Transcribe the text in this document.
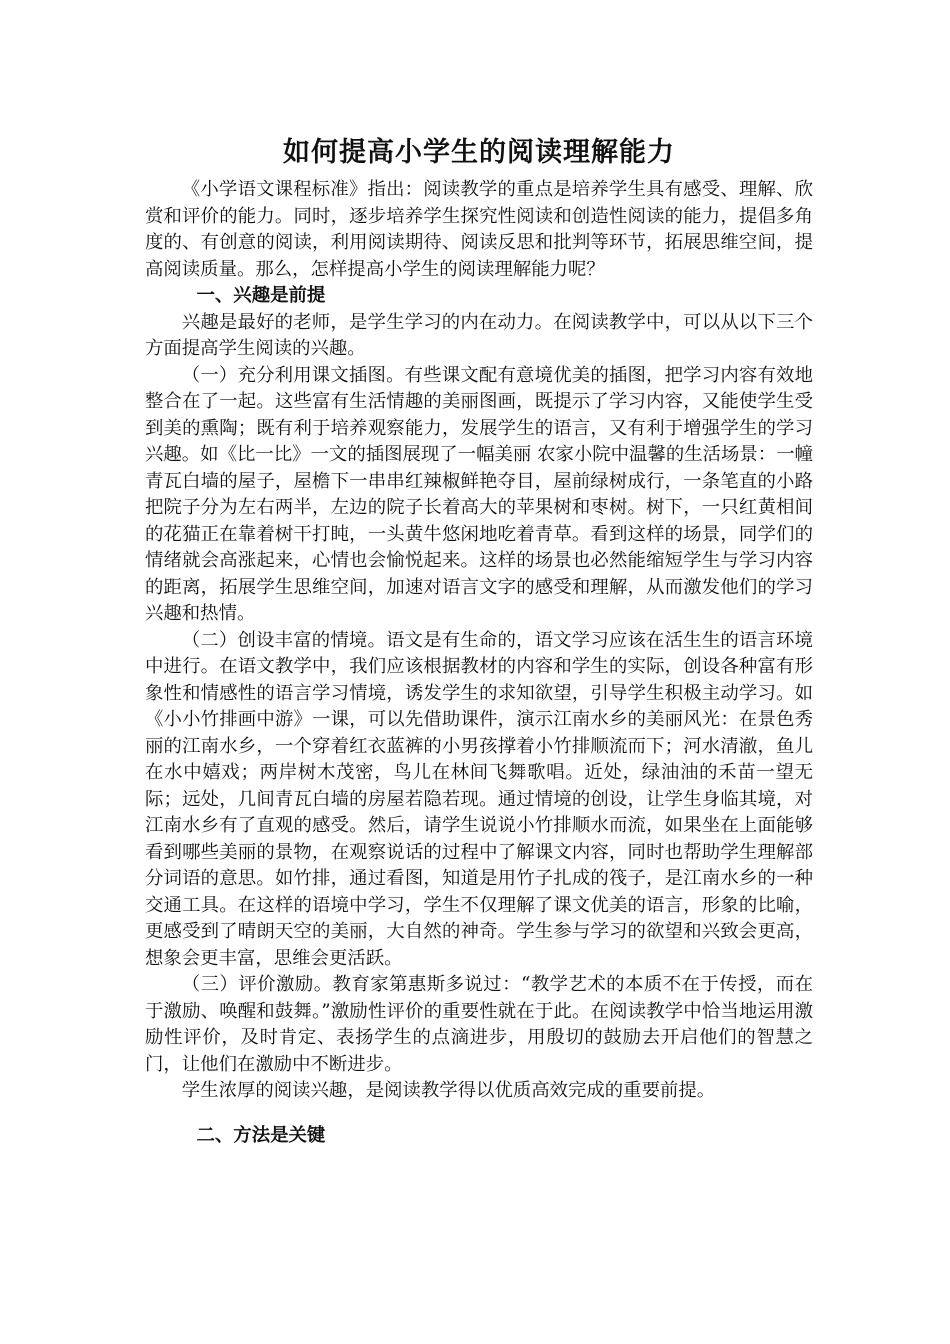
如何提高小学生的阅读理解能力

《小学语文课程标准》指出：阅读教学的重点是培养学生具有感受、理解、欣赏和评价的能力。同时，逐步培养学生探究性阅读和创造性阅读的能力，提倡多角度的、有创意的阅读，利用阅读期待、阅读反思和批判等环节，拓展思维空间，提高阅读质量。那么，怎样提高小学生的阅读理解能力呢？

一、兴趣是前提

兴趣是最好的老师，是学生学习的内在动力。在阅读教学中，可以从以下三个方面提高学生阅读的兴趣。

（一）充分利用课文插图。有些课文配有意境优美的插图，把学习内容有效地整合在了一起。这些富有生活情趣的美丽图画，既提示了学习内容，又能使学生受到美的熏陶；既有利于培养观察能力，发展学生的语言，又有利于增强学生的学习兴趣。如《比一比》一文的插图展现了一幅美丽 农家小院中温馨的生活场景：一幢青瓦白墙的屋子，屋檐下一串串红辣椒鲜艳夺目，屋前绿树成行，一条笔直的小路把院子分为左右两半，左边的院子长着高大的苹果树和枣树。树下，一只红黄相间的花猫正在靠着树干打盹，一头黄牛悠闲地吃着青草。看到这样的场景，同学们的情绪就会高涨起来，心情也会愉悦起来。这样的场景也必然能缩短学生与学习内容的距离，拓展学生思维空间，加速对语言文字的感受和理解，从而激发他们的学习兴趣和热情。

（二）创设丰富的情境。语文是有生命的，语文学习应该在活生生的语言环境中进行。在语文教学中，我们应该根据教材的内容和学生的实际，创设各种富有形象性和情感性的语言学习情境，诱发学生的求知欲望，引导学生积极主动学习。如《小小竹排画中游》一课，可以先借助课件，演示江南水乡的美丽风光：在景色秀丽的江南水乡，一个穿着红衣蓝裤的小男孩撑着小竹排顺流而下；河水清澈，鱼儿在水中嬉戏；两岸树木茂密，鸟儿在林间飞舞歌唱。近处，绿油油的禾苗一望无际；远处，几间青瓦白墙的房屋若隐若现。通过情境的创设，让学生身临其境，对江南水乡有了直观的感受。然后，请学生说说小竹排顺水而流，如果坐在上面能够看到哪些美丽的景物，在观察说话的过程中了解课文内容，同时也帮助学生理解部分词语的意思。如竹排，通过看图，知道是用竹子扎成的筏子，是江南水乡的一种交通工具。在这样的语境中学习，学生不仅理解了课文优美的语言，形象的比喻，更感受到了晴朗天空的美丽，大自然的神奇。学生参与学习的欲望和兴致会更高，想象会更丰富，思维会更活跃。

（三）评价激励。教育家第惠斯多说过：“教学艺术的本质不在于传授，而在于激励、唤醒和鼓舞。”激励性评价的重要性就在于此。在阅读教学中恰当地运用激励性评价，及时肯定、表扬学生的点滴进步，用殷切的鼓励去开启他们的智慧之门，让他们在激励中不断进步。

学生浓厚的阅读兴趣，是阅读教学得以优质高效完成的重要前提。

二、方法是关键
